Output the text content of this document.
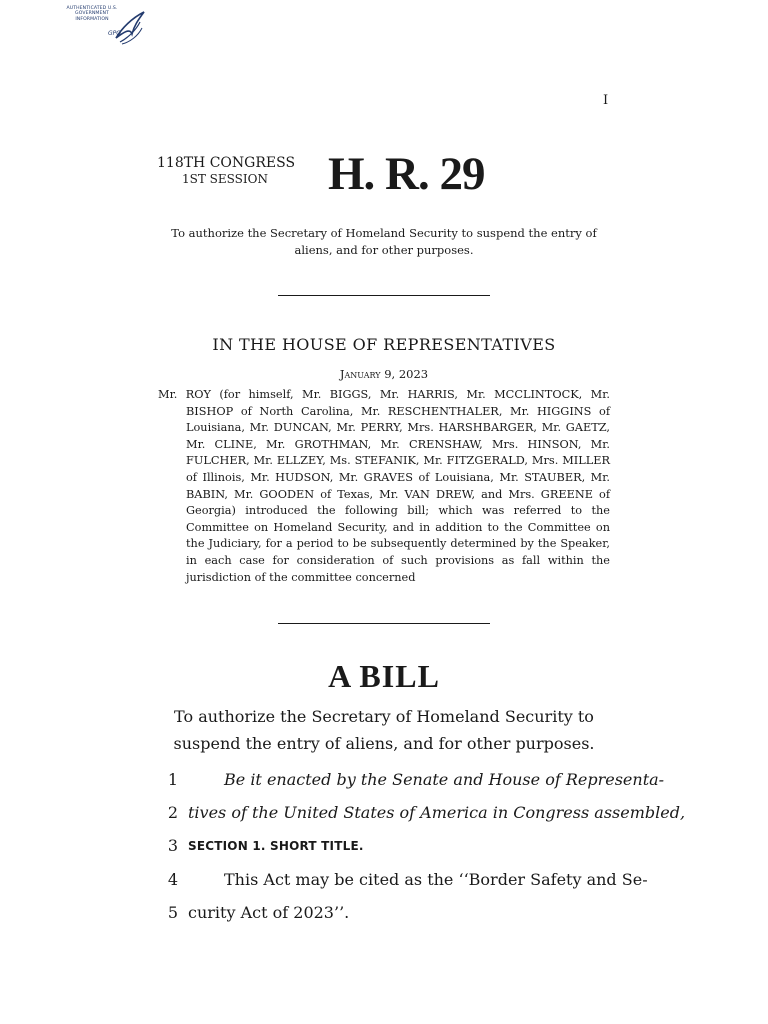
AUTHENTICATED U.S. GOVERNMENT INFORMATION
GPO
I
118TH CONGRESS
1ST SESSION	H. R. 29
To authorize the Secretary of Homeland Security to suspend the entry of aliens, and for other purposes.
IN THE HOUSE OF REPRESENTATIVES
January 9, 2023
Mr. ROY (for himself, Mr. BIGGS, Mr. HARRIS, Mr. MCCLINTOCK, Mr. BISHOP of North Carolina, Mr. RESCHENTHALER, Mr. HIGGINS of Louisiana, Mr. DUNCAN, Mr. PERRY, Mrs. HARSHBARGER, Mr. GAETZ, Mr. CLINE, Mr. GROTHMAN, Mr. CRENSHAW, Mrs. HINSON, Mr. FULCHER, Mr. ELLZEY, Ms. STEFANIK, Mr. FITZGERALD, Mrs. MILLER of Illinois, Mr. HUDSON, Mr. GRAVES of Louisiana, Mr. STAUBER, Mr. BABIN, Mr. GOODEN of Texas, Mr. VAN DREW, and Mrs. GREENE of Georgia) introduced the following bill; which was referred to the Committee on Homeland Security, and in addition to the Committee on the Judiciary, for a period to be subsequently determined by the Speaker, in each case for consideration of such provisions as fall within the jurisdiction of the committee concerned
A BILL
To authorize the Secretary of Homeland Security to suspend the entry of aliens, and for other purposes.
1	Be it enacted by the Senate and House of Representa-
2 tives of the United States of America in Congress assembled,
3 SECTION 1. SHORT TITLE.
4	This Act may be cited as the ‘‘Border Safety and Se-
5 curity Act of 2023’’.
